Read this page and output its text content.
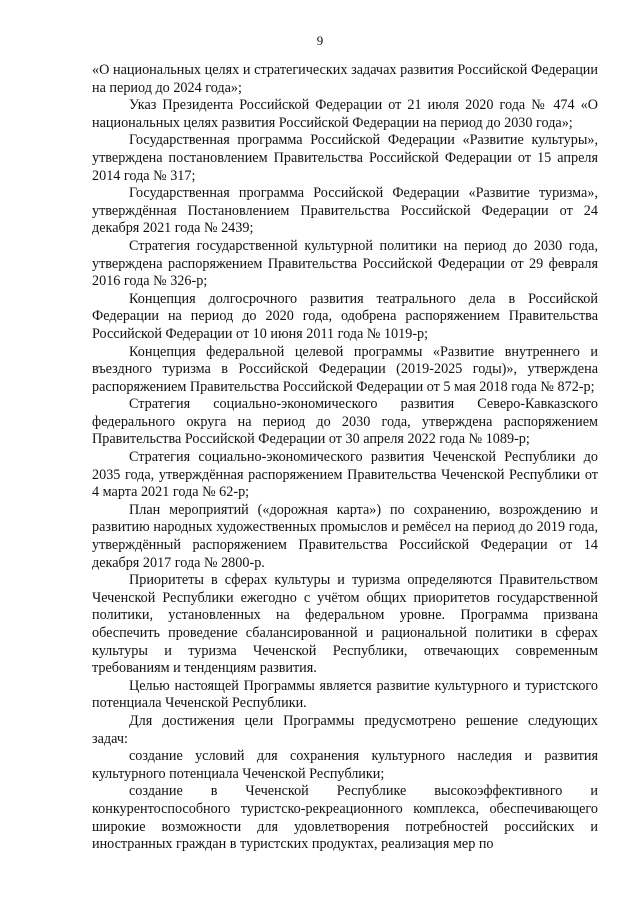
9

«О национальных целях и стратегических задачах развития Российской Федерации на период до 2024 года»;

Указ Президента Российской Федерации от 21 июля 2020 года № 474 «О национальных целях развития Российской Федерации на период до 2030 года»;

Государственная программа Российской Федерации «Развитие культуры», утверждена постановлением Правительства Российской Федерации от 15 апреля 2014 года № 317;

Государственная программа Российской Федерации «Развитие туризма», утверждённая Постановлением Правительства Российской Федерации от 24 декабря 2021 года № 2439;

Стратегия государственной культурной политики на период до 2030 года, утверждена распоряжением Правительства Российской Федерации от 29 февраля 2016 года № 326-р;

Концепция долгосрочного развития театрального дела в Российской Федерации на период до 2020 года, одобрена распоряжением Правительства Российской Федерации от 10 июня 2011 года № 1019-р;

Концепция федеральной целевой программы «Развитие внутреннего и въездного туризма в Российской Федерации (2019-2025 годы)», утверждена распоряжением Правительства Российской Федерации от 5 мая 2018 года № 872-р;

Стратегия социально-экономического развития Северо-Кавказского федерального округа на период до 2030 года, утверждена распоряжением Правительства Российской Федерации от 30 апреля 2022 года № 1089-р;

Стратегия социально-экономического развития Чеченской Республики до 2035 года, утверждённая распоряжением Правительства Чеченской Республики от 4 марта 2021 года № 62-р;

План мероприятий («дорожная карта») по сохранению, возрождению и развитию народных художественных промыслов и ремёсел на период до 2019 года, утверждённый распоряжением Правительства Российской Федерации от 14 декабря 2017 года № 2800-р.

Приоритеты в сферах культуры и туризма определяются Правительством Чеченской Республики ежегодно с учётом общих приоритетов государственной политики, установленных на федеральном уровне. Программа призвана обеспечить проведение сбалансированной и рациональной политики в сферах культуры и туризма Чеченской Республики, отвечающих современным требованиям и тенденциям развития.

Целью настоящей Программы является развитие культурного и туристского потенциала Чеченской Республики.

Для достижения цели Программы предусмотрено решение следующих задач:

создание условий для сохранения культурного наследия и развития культурного потенциала Чеченской Республики;

создание в Чеченской Республике высокоэффективного и конкурентоспособного туристско-рекреационного комплекса, обеспечивающего широкие возможности для удовлетворения потребностей российских и иностранных граждан в туристских продуктах, реализация мер по
